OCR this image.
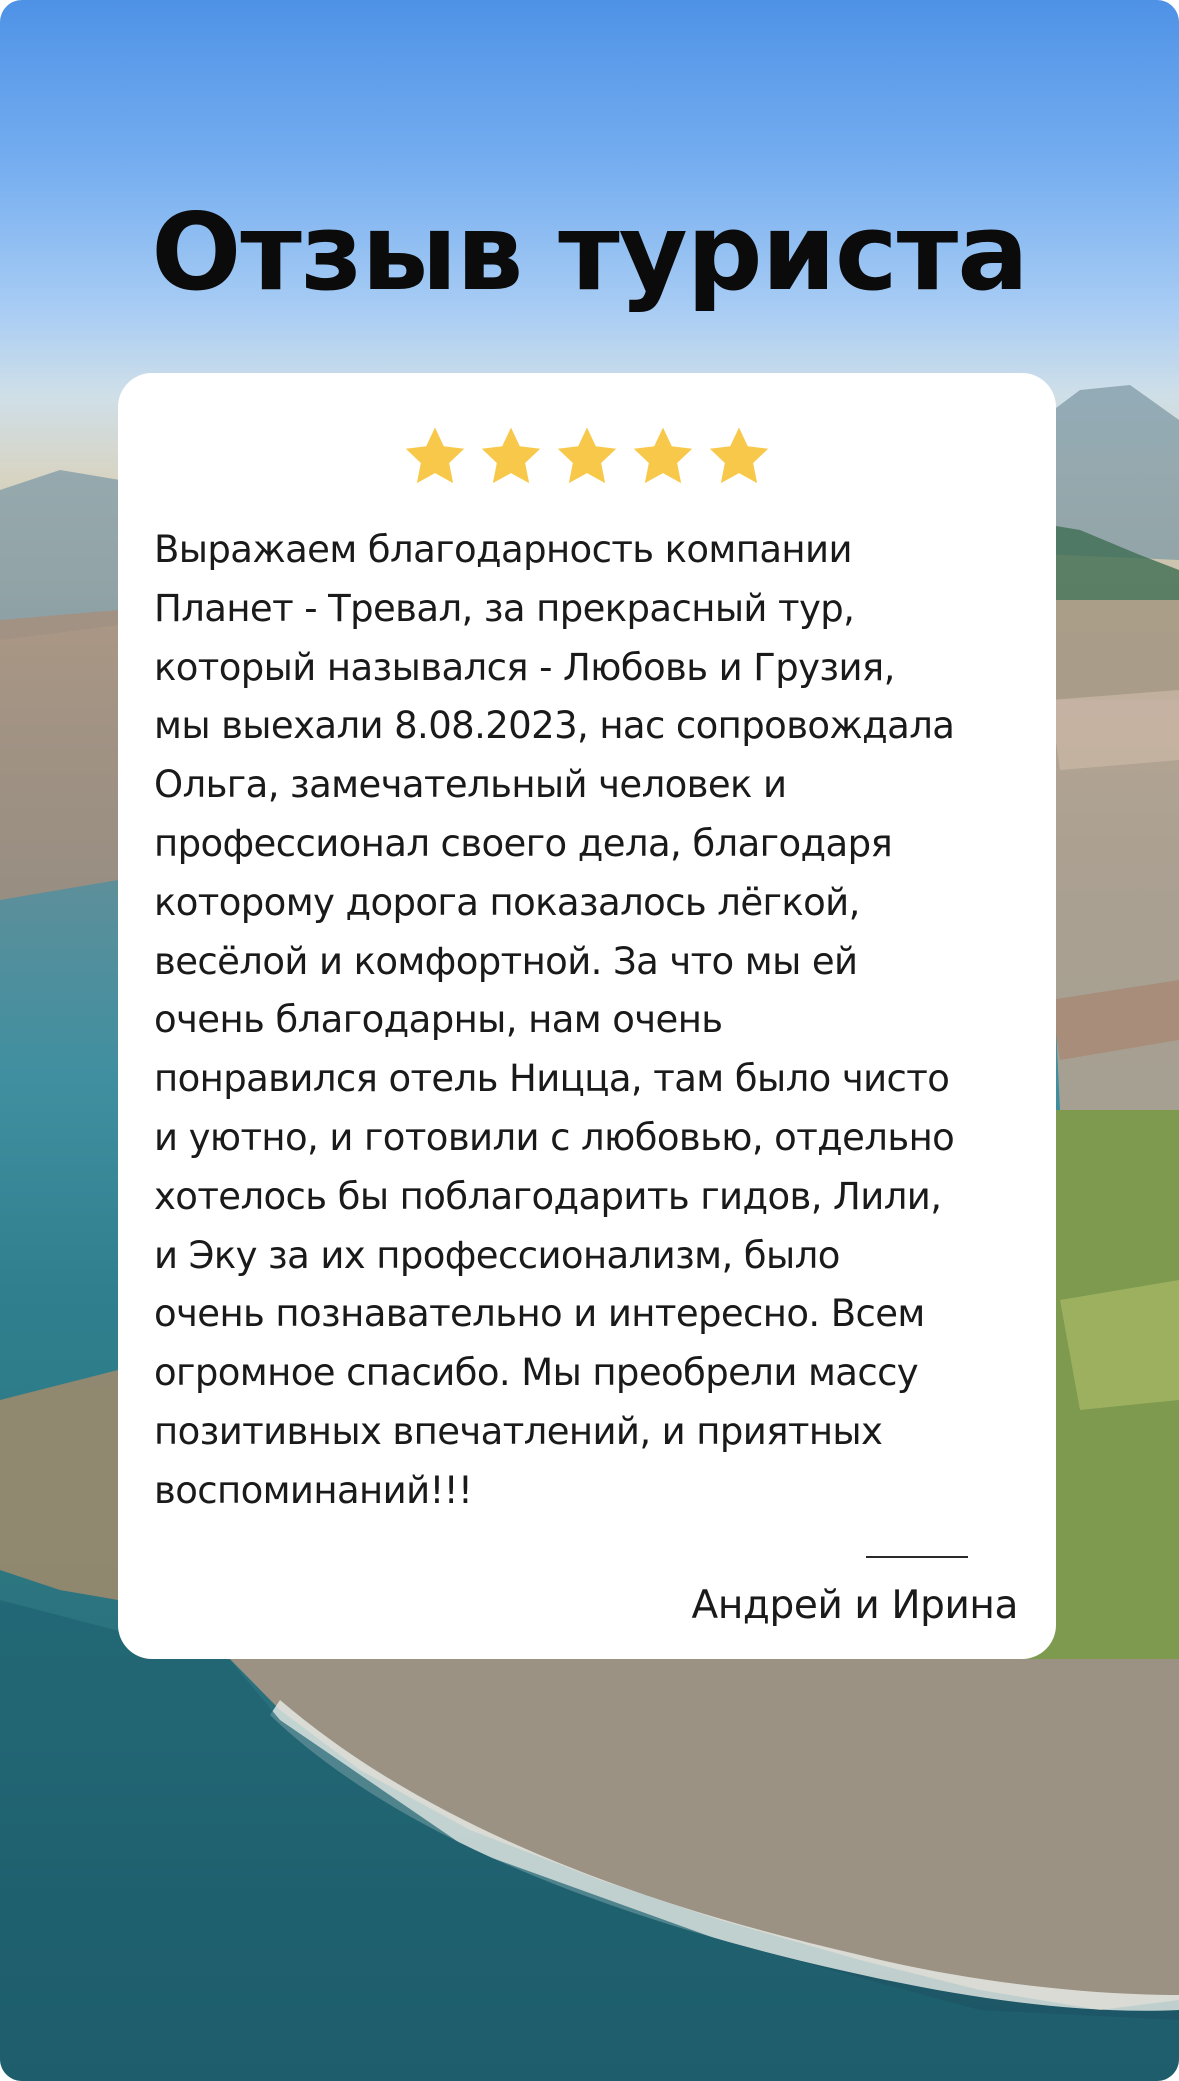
Отзыв туриста

Выражаем благодарность компании
Планет - Тревал, за прекрасный тур,
который назывался - Любовь и Грузия,
мы выехали 8.08.2023, нас сопровождала
Ольга, замечательный человек и
профессионал своего дела, благодаря
которому дорога показалось лёгкой,
весёлой и комфортной. За что мы ей
очень благодарны, нам очень
понравился отель Ницца, там было чисто
и уютно, и готовили с любовью, отдельно
хотелось бы поблагодарить гидов, Лили,
и Эку за их профессионализм, было
очень познавательно и интересно. Всем
огромное спасибо. Мы преобрели массу
позитивных впечатлений, и приятных
воспоминаний!!!

Андрей и Ирина
